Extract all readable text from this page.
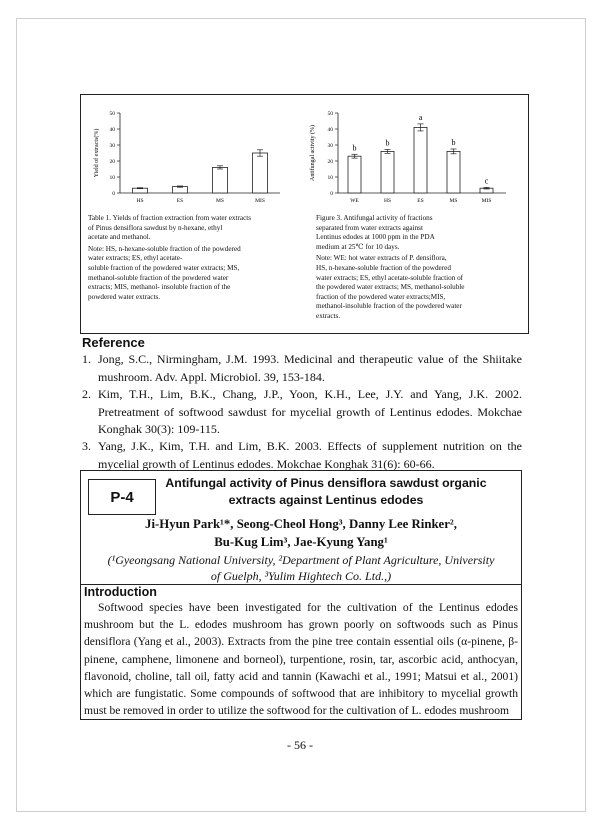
Yield of extracts(%)
0
10
20
30
40
50
HS	ES	MS	MIS
Antifungal activity (%)
0
10
20
30
40
50
b
WE
b
HS
a
ES
b
MS
c
MIS

Table 1. Yields of fraction extraction from water extracts

of Pinus densiflora sawdust by n-hexane, ethyl

acetate and methanol.

Note: HS, n-hexane-soluble fraction of the powdered

water extracts; ES, ethyl acetate-

soluble fraction of the powdered water extracts; MS,

methanol-soluble fraction of the powdered water

extracts; MIS, methanol- insoluble fraction of the

powdered water extracts.

Figure 3. Antifungal activity of fractions

separated from water extracts against

Lentinus edodes at 1000 ppm in the PDA

medium at 25℃ for 10 days.

Note: WE: hot water extracts of P. densiflora,

HS, n-hexane-soluble fraction of the powdered

water extracts; ES, ethyl acetate-soluble fraction of

the powdered water extracts; MS, methanol-soluble

fraction of the powdered water extracts;MIS,

methanol-insoluble fraction of the powdered water

extracts.

Reference
1. Jong, S.C., Nirmingham, J.M. 1993. Medicinal and therapeutic value of the Shiitake mushroom. Adv. Appl. Microbiol. 39, 153-184.
2. Kim, T.H., Lim, B.K., Chang, J.P., Yoon, K.H., Lee, J.Y. and Yang, J.K. 2002. Pretreatment of softwood sawdust for mycelial growth of Lentinus edodes. Mokchae Konghak 30(3): 109-115.
3. Yang, J.K., Kim, T.H. and Lim, B.K. 2003. Effects of supplement nutrition on the mycelial growth of Lentinus edodes. Mokchae Konghak 31(6): 60-66.
P-4
Antifungal activity of Pinus densiflora sawdust organic extracts against Lentinus edodes
Ji-Hyun Park¹*, Seong-Cheol Hong³, Danny Lee Rinker²,
Bu-Kug Lim³, Jae-Kyung Yang¹
(¹Gyeongsang National University, ²Department of Plant Agriculture, University
of Guelph, ³Yulim Hightech Co. Ltd.,)
Introduction

Softwood species have been investigated for the cultivation of the Lentinus edodes mushroom but the L. edodes mushroom has grown poorly on softwoods such as Pinus densiflora (Yang et al., 2003). Extracts from the pine tree contain essential oils (α-pinene, β-pinene, camphene, limonene and borneol), turpentione, rosin, tar, ascorbic acid, anthocyan, flavonoid, choline, tall oil, fatty acid and tannin (Kawachi et al., 1991; Matsui et al., 2001) which are fungistatic. Some compounds of softwood that are inhibitory to mycelial growth must be removed in order to utilize the softwood for the cultivation of L. edodes mushroom

- 56 -
